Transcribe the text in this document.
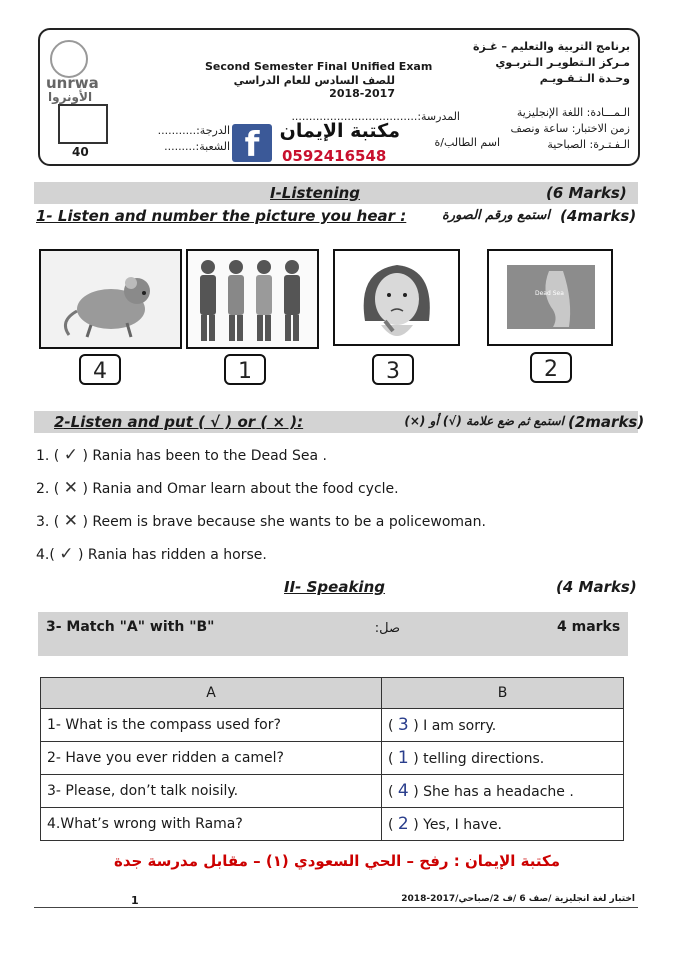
unrwa
الأونروا
40
Second Semester Final Unified Exam
للصف السادس للعام الدراسي 2017-2018
برنامج التربية والتعليم – غـزة
مـركز الـتطويـر الـتربـوي
وحـدة الـتـقـويـم
الـمـــادة: اللغة الإنجليزية
زمن الاختبار: ساعة ونصف
الـفـتـرة: الصباحية
المدرسة:....................................
اسم الطالب/ة
الدرجة:...........
الشعبة:......... f	مكتبة الإيمان
0592416548
I-Listening	(6 Marks)
1- Listen and number the picture you hear :	استمع ورقم الصورة (4marks)
Dead Sea
4	1	3	2
2-Listen and put ( √ ) or ( × ):	استمع ثم ضع علامة (√) أو (×) (2marks)
1. ( ✓ ) Rania has been to the Dead Sea .
2. ( ✕ ) Rania and Omar learn about the food cycle.
3. ( ✕ ) Reem is brave because she wants to be a policewoman.
4.( ✓ ) Rania has ridden a horse.
II- Speaking	(4 Marks)
3- Match "A" with "B"	صل:	4 marks
A	B
1- What is the compass used for?	( 3 ) I am sorry.
2- Have you ever ridden a camel?	( 1 ) telling directions.
3- Please, don’t talk noisily.	( 4 ) She has a headache .
4.What’s wrong with Rama?	( 2 ) Yes, I have.
مكتبة الإيمان : رفح – الحي السعودي (١) – مقابل مدرسة جدة
1	اختبار لغة انجليزية /صف 6 /ف 2/صباحي/2017-2018
